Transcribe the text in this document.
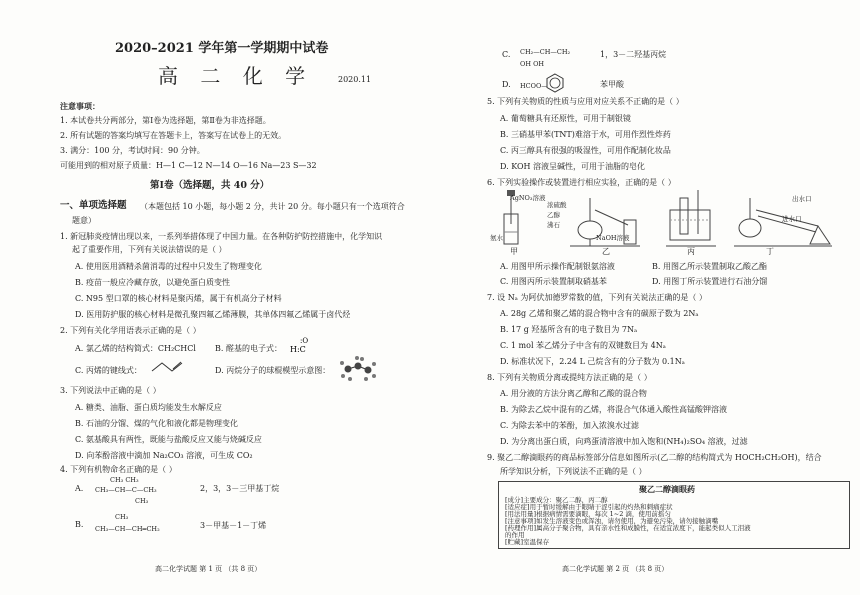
2020–2021 学年第一学期期中试卷
高 二 化 学	2020.11
注意事项：
1. 本试卷共分两部分，第Ⅰ卷为选择题，第Ⅱ卷为非选择题。
2. 所有试题的答案均填写在答题卡上，答案写在试卷上的无效。
3. 满分：100 分，考试时间：90 分钟。
可能用到的相对原子质量：H—1 C—12 N—14 O—16 Na—23 S—32
第Ⅰ卷（选择题，共 40 分）
一、单项选择题 （本题包括 10 小题，每小题 2 分，共计 20 分。每小题只有一个选项符合
题意）
1. 新冠肺炎疫情出现以来，一系列举措体现了中国力量。在各种防护防控措施中，化学知识
起了重要作用，下列有关说法错误的是（ ）
A. 使用医用酒精杀菌消毒的过程中只发生了物理变化
B. 疫苗一般应冷藏存放，以避免蛋白质变性
C. N95 型口罩的核心材料是聚丙烯，属于有机高分子材料
D. 医用防护服的核心材料是微孔聚四氟乙烯薄膜，其单体四氟乙烯属于卤代烃
2. 下列有关化学用语表示正确的是（ ）
A. 氯乙烯的结构简式：CH₂CHCl B. 醛基的电子式： H:C
:O
C. 丙烯的键线式：	D. 丙烷分子的球棍模型示意图：
3. 下列说法中正确的是（ ）
A. 糖类、油脂、蛋白质均能发生水解反应
B. 石油的分馏、煤的气化和液化都是物理变化
C. 氨基酸具有两性，既能与盐酸反应又能与烧碱反应
D. 向苯酚溶液中滴加 Na₂CO₃ 溶液，可生成 CO₂
4. 下列有机物命名正确的是（ ）
A.
CH₃ CH₃
CH₃—CH—C—CH₃
CH₃
2，3，3－三甲基丁烷
B.
CH₃
CH₃—CH—CH═CH₂	3－甲基－1－丁烯
高二化学试题 第 1 页 （共 8 页）
C. CH₂—CH—CH₂
OH OH
1，3－二羟基丙烷
D. HCOO—	苯甲酸
5. 下列有关物质的性质与应用对应关系不正确的是（ ）
A. 葡萄糖具有还原性，可用于制银镜
B. 三硝基甲苯(TNT)难溶于水，可用作烈性炸药
C. 丙三醇具有很强的吸湿性，可用作配制化妆品
D. KOH 溶液呈碱性，可用于油脂的皂化
6. 下列实验操作或装置进行相应实验，正确的是（ ）
AgNO₃溶液
氨水
浓硫酸
乙醇
沸石
NaOH溶液
出水口
进水口
甲	乙	丙	丁
A. 用图甲所示操作配制银氨溶液	B. 用图乙所示装置制取乙酸乙酯
C. 用图丙所示装置制取硝基苯	D. 用图丁所示装置进行石油分馏
7. 设 Nₐ 为阿伏加德罗常数的值，下列有关说法正确的是（ ）
A. 28g 乙烯和聚乙烯的混合物中含有的碳原子数为 2Nₐ
B. 17 g 羟基所含有的电子数目为 7Nₐ
C. 1 mol 苯乙烯分子中含有的双键数目为 4Nₐ
D. 标准状况下，2.24 L 己烷含有的分子数为 0.1Nₐ
8. 下列有关物质分离或提纯方法正确的是（ ）
A. 用分液的方法分离乙醇和乙酸的混合物
B. 为除去乙烷中混有的乙烯，将混合气体通入酸性高锰酸钾溶液
C. 为除去苯中的苯酚，加入浓溴水过滤
D. 为分离出蛋白质，向鸡蛋清溶液中加入饱和(NH₄)₂SO₄ 溶液，过滤
9. 聚乙二醇滴眼药的商品标签部分信息如图所示(乙二醇的结构简式为 HOCH₂CH₂OH)，结合
所学知识分析，下列说法不正确的是（ ）
聚乙二醇滴眼药
[成分]主要成分：聚乙二醇，丙二醇
[适应症]用于暂时缓解由于眼睛干涩引起的灼热和刺痛症状
[用法用量]根据病情需要滴眼，每次 1~2 滴，使用前摇匀
[注意事项]如发生溶液变色或浑浊，请勿使用，为避免污染，请勿接触滴嘴
[药理作用]属高分子聚合物，具有亲水性和成膜性，在适宜浓度下，能起类似人工泪液
的作用
[贮藏]室温保存
高二化学试题 第 2 页 （共 8 页）
